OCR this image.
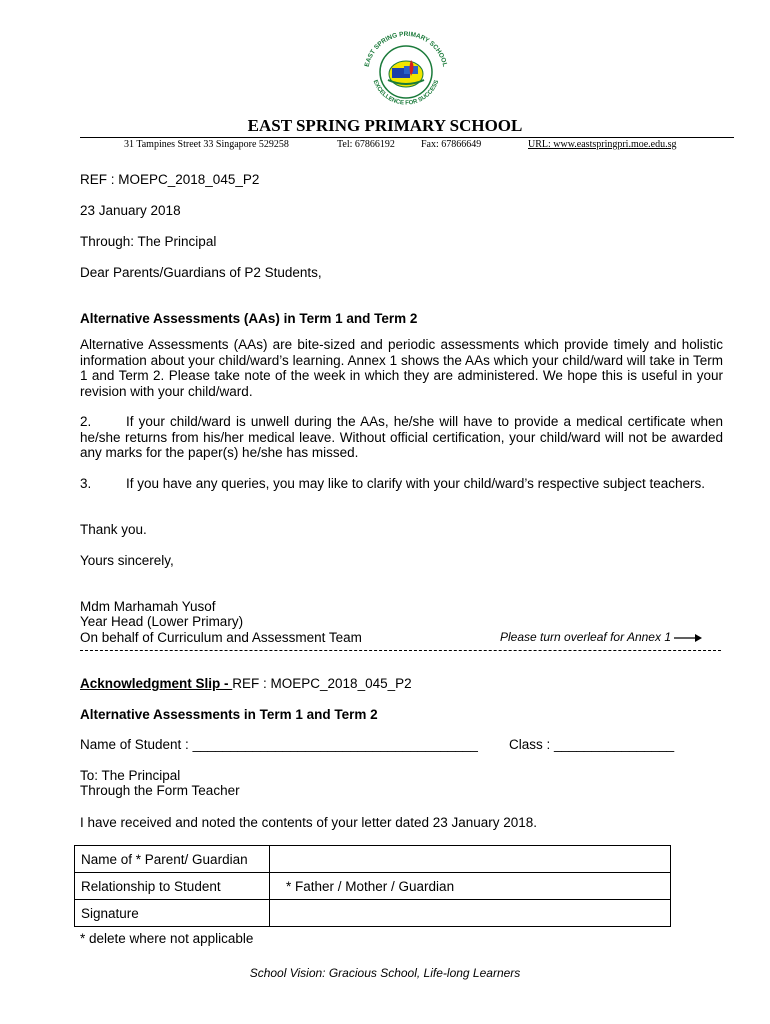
EAST SPRING PRIMARY SCHOOL
EXCELLENCE FOR SUCCESS
EAST SPRING PRIMARY SCHOOL
31 Tampines Street 33 Singapore 529258	Tel: 67866192	Fax: 67866649	URL: www.eastspringpri.moe.edu.sg
REF : MOEPC_2018_045_P2
23 January 2018
Through: The Principal
Dear Parents/Guardians of P2 Students,
Alternative Assessments (AAs) in Term 1 and Term 2
Alternative Assessments (AAs) are bite-sized and periodic assessments which provide timely and holistic information about your child/ward’s learning. Annex 1 shows the AAs which your child/ward will take in Term 1 and Term 2. Please take note of the week in which they are administered. We hope this is useful in your revision with your child/ward.
2.	If your child/ward is unwell during the AAs, he/she will have to provide a medical certificate when he/she returns from his/her medical leave. Without official certification, your child/ward will not be awarded any marks for the paper(s) he/she has missed.
3.	If you have any queries, you may like to clarify with your child/ward’s respective subject teachers.
Thank you.
Yours sincerely,
Mdm Marhamah Yusof
Year Head (Lower Primary)
On behalf of Curriculum and Assessment Team	Please turn overleaf for Annex 1
Acknowledgment Slip - REF : MOEPC_2018_045_P2
Alternative Assessments in Term 1 and Term 2
Name of Student : ______________________________________	Class : ________________
To: The Principal
Through the Form Teacher
I have received and noted the contents of your letter dated 23 January 2018.
Name of * Parent/ Guardian	
Relationship to Student	* Father / Mother / Guardian
Signature	
* delete where not applicable
School Vision: Gracious School, Life-long Learners
